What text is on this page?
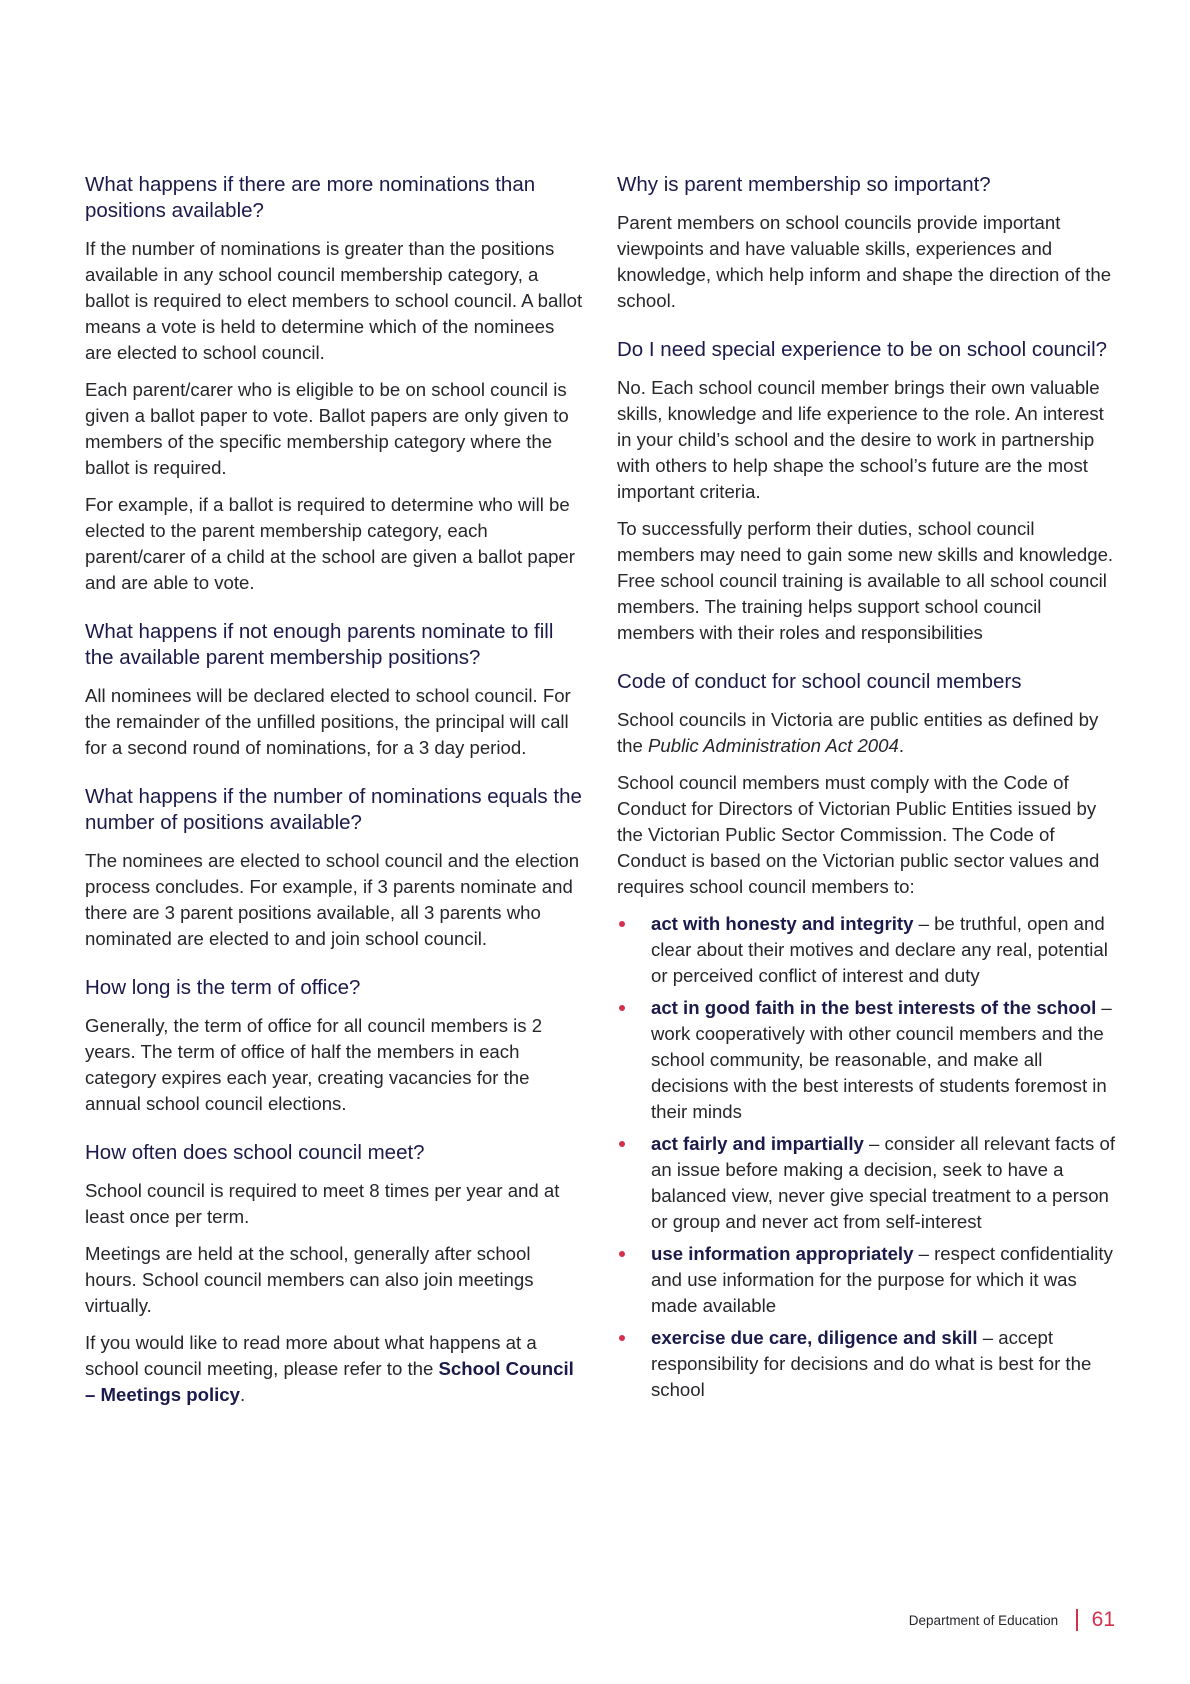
What happens if there are more nominations than positions available?

If the number of nominations is greater than the positions available in any school council membership category, a ballot is required to elect members to school council. A ballot means a vote is held to determine which of the nominees are elected to school council.

Each parent/carer who is eligible to be on school council is given a ballot paper to vote. Ballot papers are only given to members of the specific membership category where the ballot is required.

For example, if a ballot is required to determine who will be elected to the parent membership category, each parent/carer of a child at the school are given a ballot paper and are able to vote.

What happens if not enough parents nominate to fill the available parent membership positions?

All nominees will be declared elected to school council. For the remainder of the unfilled positions, the principal will call for a second round of nominations, for a 3 day period.

What happens if the number of nominations equals the number of positions available?

The nominees are elected to school council and the election process concludes. For example, if 3 parents nominate and there are 3 parent positions available, all 3 parents who nominated are elected to and join school council.

How long is the term of office?

Generally, the term of office for all council members is 2 years. The term of office of half the members in each category expires each year, creating vacancies for the annual school council elections.

How often does school council meet?

School council is required to meet 8 times per year and at least once per term.

Meetings are held at the school, generally after school hours. School council members can also join meetings virtually.

If you would like to read more about what happens at a school council meeting, please refer to the School Council – Meetings policy.

Why is parent membership so important?

Parent members on school councils provide important viewpoints and have valuable skills, experiences and knowledge, which help inform and shape the direction of the school.

Do I need special experience to be on school council?

No. Each school council member brings their own valuable skills, knowledge and life experience to the role. An interest in your child’s school and the desire to work in partnership with others to help shape the school’s future are the most important criteria.

To successfully perform their duties, school council members may need to gain some new skills and knowledge. Free school council training is available to all school council members. The training helps support school council members with their roles and responsibilities

Code of conduct for school council members

School councils in Victoria are public entities as defined by the Public Administration Act 2004.

School council members must comply with the Code of Conduct for Directors of Victorian Public Entities issued by the Victorian Public Sector Commission. The Code of Conduct is based on the Victorian public sector values and requires school council members to:

act with honesty and integrity – be truthful, open and clear about their motives and declare any real, potential or perceived conflict of interest and duty
act in good faith in the best interests of the school – work cooperatively with other council members and the school community, be reasonable, and make all decisions with the best interests of students foremost in their minds
act fairly and impartially – consider all relevant facts of an issue before making a decision, seek to have a balanced view, never give special treatment to a person or group and never act from self-interest
use information appropriately – respect confidentiality and use information for the purpose for which it was made available
exercise due care, diligence and skill – accept responsibility for decisions and do what is best for the school
Department of Education 61
